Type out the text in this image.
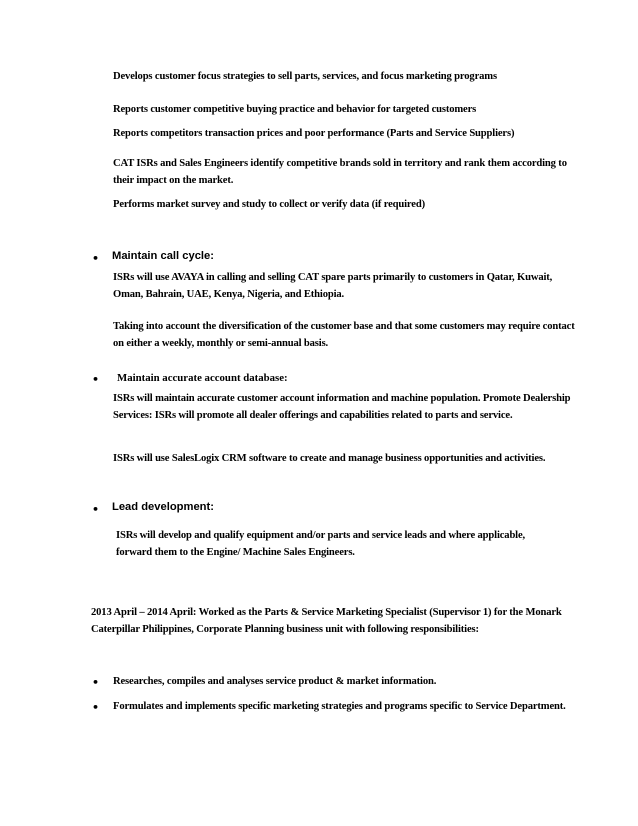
Develops customer focus strategies to sell parts, services, and focus marketing programs
Reports customer competitive buying practice and behavior for targeted customers
Reports competitors transaction prices and poor performance (Parts and Service Suppliers)
CAT ISRs and Sales Engineers identify competitive brands sold in territory and rank them according to their impact on the market.
Performs market survey and study to collect or verify data (if required)
• Maintain call cycle:
ISRs will use AVAYA in calling and selling CAT spare parts primarily to customers in Qatar, Kuwait, Oman, Bahrain, UAE, Kenya, Nigeria, and Ethiopia.
Taking into account the diversification of the customer base and that some customers may require contact on either a weekly, monthly or semi-annual basis.
• Maintain accurate account database:
ISRs will maintain accurate customer account information and machine population. Promote Dealership Services: ISRs will promote all dealer offerings and capabilities related to parts and service.
ISRs will use SalesLogix CRM software to create and manage business opportunities and activities.
• Lead development:
ISRs will develop and qualify equipment and/or parts and service leads and where applicable, forward them to the Engine/ Machine Sales Engineers.
2013 April – 2014 April: Worked as the Parts & Service Marketing Specialist (Supervisor 1) for the Monark Caterpillar Philippines, Corporate Planning business unit with following responsibilities:
• Researches, compiles and analyses service product & market information.
• Formulates and implements specific marketing strategies and programs specific to Service Department.
